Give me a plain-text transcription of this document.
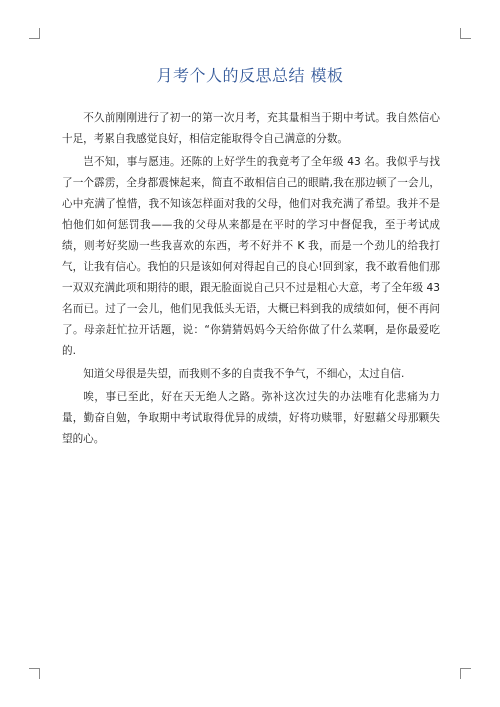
月考个人的反思总结 模板

不久前刚刚进行了初一的第一次月考，充其量相当于期中考试。我自然信心十足，考累自我感觉良好，相信定能取得令自己满意的分数。

岂不知，事与愿违。还陈的上好学生的我竟考了全年级 43 名。我似乎与找了一个霹雳，全身都震悚起来，简直不敢相信自己的眼睛,我在那边顿了一会儿，心中充满了惶惜，我不知该怎样面对我的父母，他们对我充满了希望。我并不是怕他们如何惩罚我——我的父母从来都是在平时的学习中督促我，至于考试成绩，则考好奖励一些我喜欢的东西，考不好并不 K 我，而是一个劲儿的给我打气，让我有信心。我怕的只是该如何对得起自己的良心!回到家，我不敢看他们那一双双充满此项和期待的眼，跟无脸面说自己只不过是粗心大意，考了全年级 43 名而已。过了一会儿，他们见我低头无语，大概已料到我的成绩如何，便不再问了。母亲赶忙拉开话题，说：“你猜猜妈妈今天给你做了什么菜啊，是你最爱吃的.

知道父母很是失望，而我则不多的自责我不争气，不细心，太过自信.

唉，事已至此，好在天无绝人之路。弥补这次过失的办法唯有化悲痛为力量，勤奋自勉，争取期中考试取得优异的成绩，好将功赎罪，好慰藉父母那颗失望的心。
